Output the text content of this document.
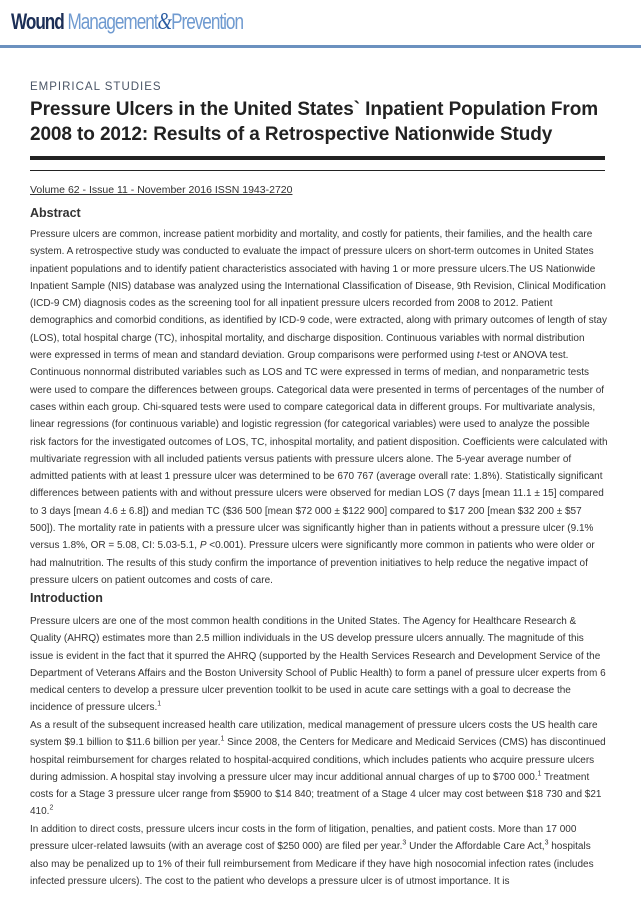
Wound Management&Prevention

EMPIRICAL STUDIES

Pressure Ulcers in the United States` Inpatient Population From 2008 to 2012: Results of a Retrospective Nationwide Study
Volume 62 - Issue 11 - November 2016 ISSN 1943-2720
Abstract

Pressure ulcers are common, increase patient morbidity and mortality, and costly for patients, their families, and the health care system. A retrospective study was conducted to evaluate the impact of pressure ulcers on short-term outcomes in United States inpatient populations and to identify patient characteristics associated with having 1 or more pressure ulcers.The US Nationwide Inpatient Sample (NIS) database was analyzed using the International Classification of Disease, 9th Revision, Clinical Modification (ICD-9 CM) diagnosis codes as the screening tool for all inpatient pressure ulcers recorded from 2008 to 2012. Patient demographics and comorbid conditions, as identified by ICD-9 code, were extracted, along with primary outcomes of length of stay (LOS), total hospital charge (TC), inhospital mortality, and discharge disposition. Continuous variables with normal distribution were expressed in terms of mean and standard deviation. Group comparisons were performed using t-test or ANOVA test. Continuous nonnormal distributed variables such as LOS and TC were expressed in terms of median, and nonparametric tests were used to compare the differences between groups. Categorical data were presented in terms of percentages of the number of cases within each group. Chi-squared tests were used to compare categorical data in different groups. For multivariate analysis, linear regressions (for continuous variable) and logistic regression (for categorical variables) were used to analyze the possible risk factors for the investigated outcomes of LOS, TC, inhospital mortality, and patient disposition. Coefficients were calculated with multivariate regression with all included patients versus patients with pressure ulcers alone. The 5-year average number of admitted patients with at least 1 pressure ulcer was determined to be 670 767 (average overall rate: 1.8%). Statistically significant differences between patients with and without pressure ulcers were observed for median LOS (7 days [mean 11.1 ± 15] compared to 3 days [mean 4.6 ± 6.8]) and median TC ($36 500 [mean $72 000 ± $122 900] compared to $17 200 [mean $32 200 ± $57 500]). The mortality rate in patients with a pressure ulcer was significantly higher than in patients without a pressure ulcer (9.1% versus 1.8%, OR = 5.08, CI: 5.03-5.1, P <0.001). Pressure ulcers were significantly more common in patients who were older or had malnutrition. The results of this study confirm the importance of prevention initiatives to help reduce the negative impact of pressure ulcers on patient outcomes and costs of care.

Introduction

Pressure ulcers are one of the most common health conditions in the United States. The Agency for Healthcare Research & Quality (AHRQ) estimates more than 2.5 million individuals in the US develop pressure ulcers annually. The magnitude of this issue is evident in the fact that it spurred the AHRQ (supported by the Health Services Research and Development Service of the Department of Veterans Affairs and the Boston University School of Public Health) to form a panel of pressure ulcer experts from 6 medical centers to develop a pressure ulcer prevention toolkit to be used in acute care settings with a goal to decrease the incidence of pressure ulcers.$^1$

As a result of the subsequent increased health care utilization, medical management of pressure ulcers costs the US health care system $9.1 billion to $11.6 billion per year.$^1$ Since 2008, the Centers for Medicare and Medicaid Services (CMS) has discontinued hospital reimbursement for charges related to hospital-acquired conditions, which includes patients who acquire pressure ulcers during admission. A hospital stay involving a pressure ulcer may incur additional annual charges of up to $700 000.$^1$ Treatment costs for a Stage 3 pressure ulcer range from $5900 to $14 840; treatment of a Stage 4 ulcer may cost between $18 730 and $21 410.$^2$

In addition to direct costs, pressure ulcers incur costs in the form of litigation, penalties, and patient costs. More than 17 000 pressure ulcer-related lawsuits (with an average cost of $250 000) are filed per year.$^3$ Under the Affordable Care Act,$^3$ hospitals also may be penalized up to 1% of their full reimbursement from Medicare if they have high nosocomial infection rates (includes infected pressure ulcers). The cost to the patient who develops a pressure ulcer is of utmost importance. It is
